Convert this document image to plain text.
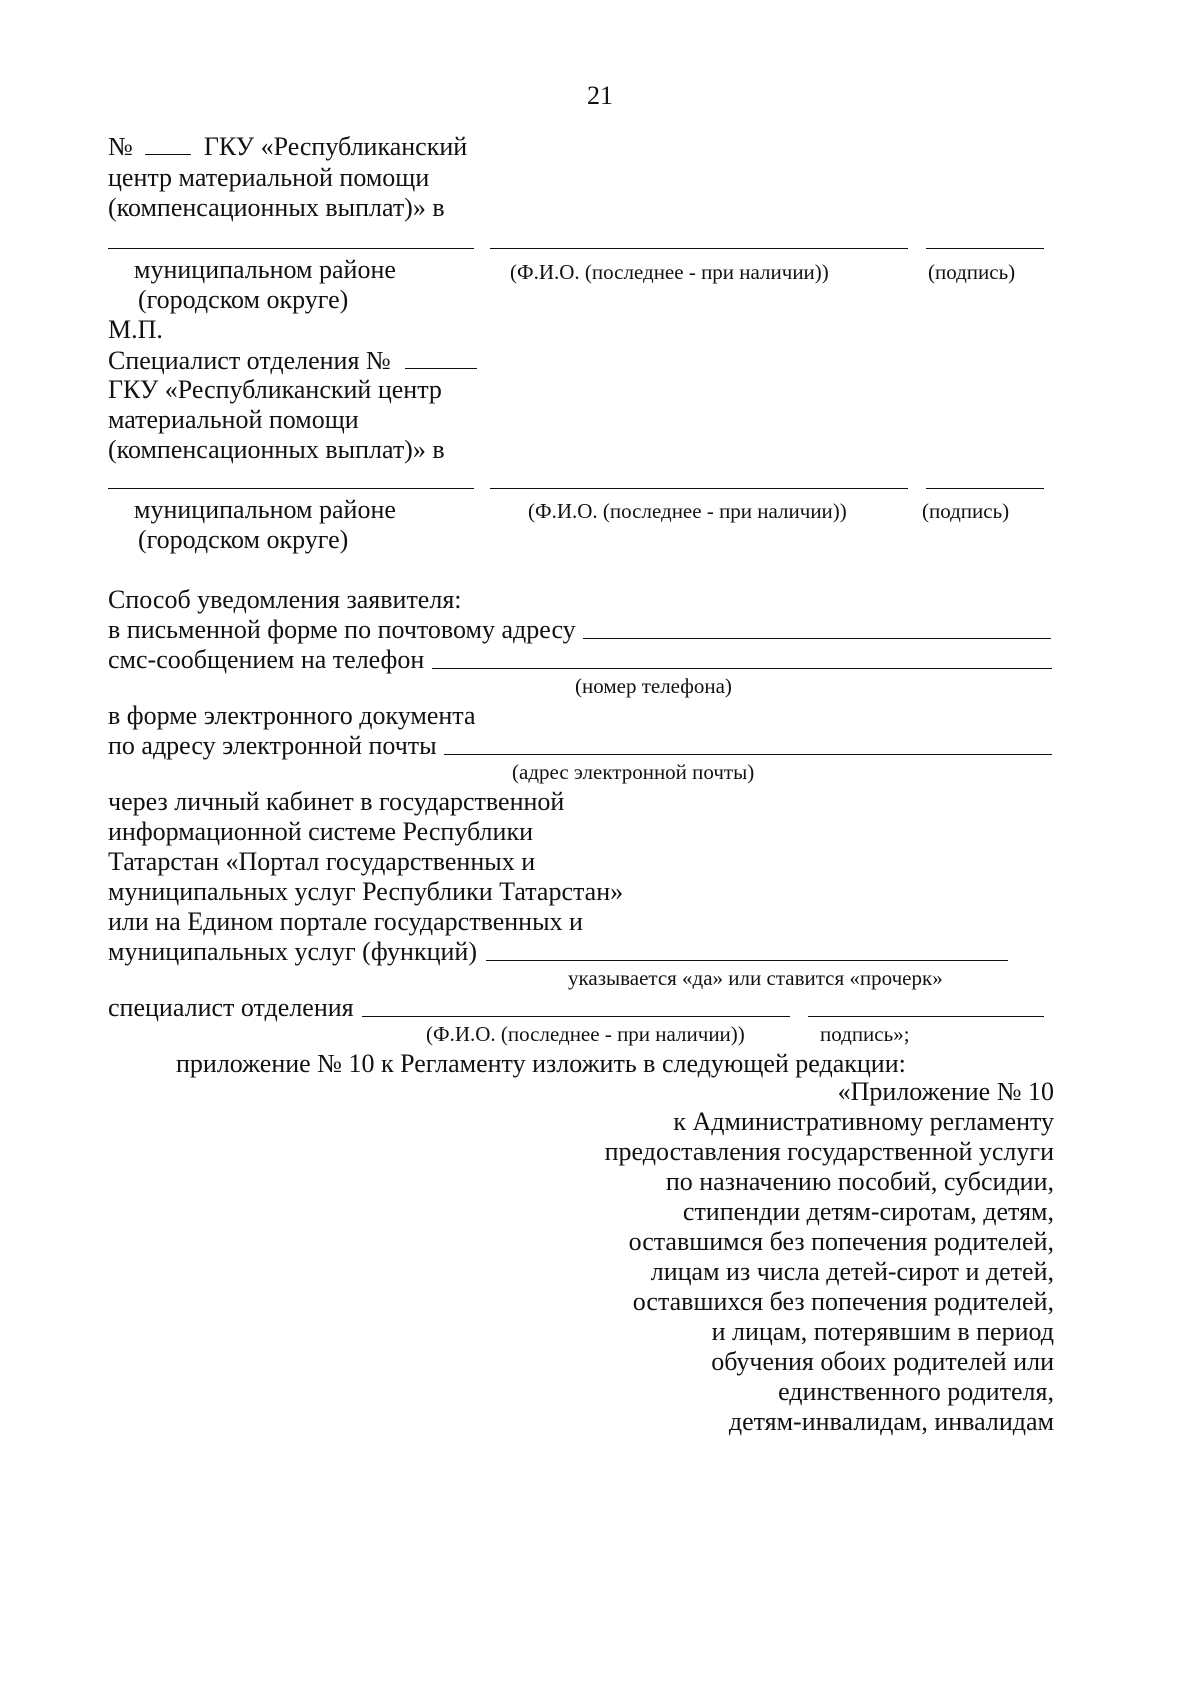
21
№	ГКУ «Республиканский
центр материальной помощи
(компенсационных выплат)» в
муниципальном районе
(городском округе)
(Ф.И.О. (последнее - при наличии))	(подпись)
М.П.
Специалист отделения №
ГКУ «Республиканский центр
материальной помощи
(компенсационных выплат)» в
муниципальном районе
(городском округе)
(Ф.И.О. (последнее - при наличии))	(подпись)
Способ уведомления заявителя:
в письменной форме по почтовому адресу
смс-сообщением на телефон
(номер телефона)
в форме электронного документа
по адресу электронной почты
(адрес электронной почты)
через личный кабинет в государственной
информационной системе Республики
Татарстан «Портал государственных и
муниципальных услуг Республики Татарстан»
или на Едином портале государственных и
муниципальных услуг (функций)
указывается «да» или ставится «прочерк»
специалист отделения
(Ф.И.О. (последнее - при наличии))	подпись»;
приложение № 10 к Регламенту изложить в следующей редакции:
«Приложение № 10
к Административному регламенту
предоставления государственной услуги
по назначению пособий, субсидии,
стипендии детям-сиротам, детям,
оставшимся без попечения родителей,
лицам из числа детей-сирот и детей,
оставшихся без попечения родителей,
и лицам, потерявшим в период
обучения обоих родителей или
единственного родителя,
детям-инвалидам, инвалидам
